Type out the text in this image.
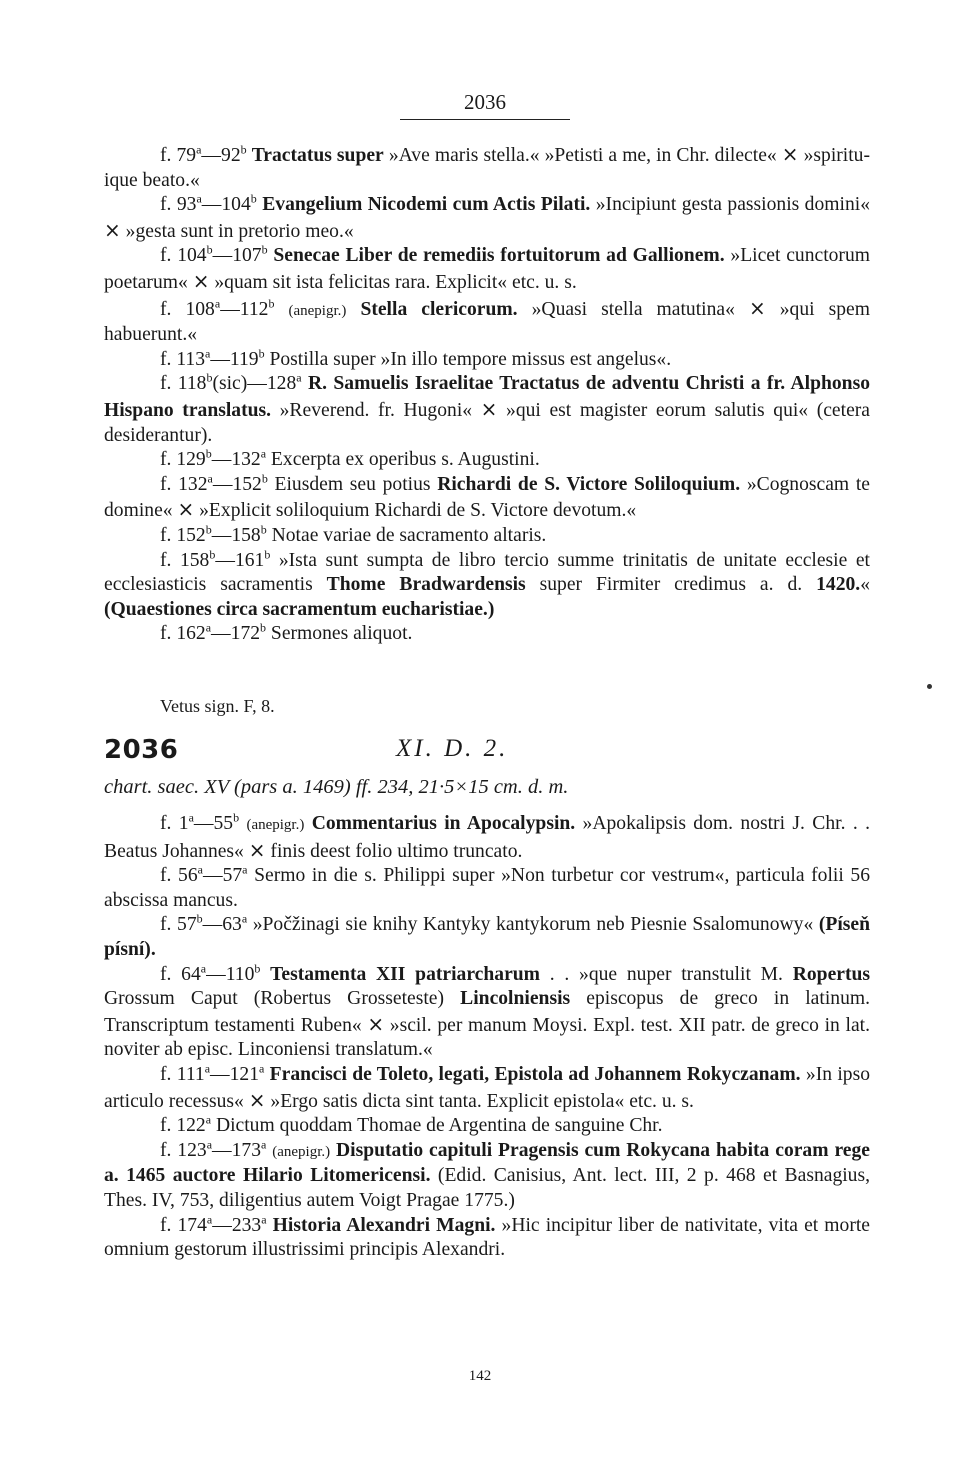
2036

f. 79$^a$—92$^b$ Tractatus super »Ave maris stella.« »Petisti a me, in Chr. dilecte« × »spirituique beato.«

f. 93$^a$—104$^b$ Evangelium Nicodemi cum Actis Pilati. »Incipiunt gesta passionis domini« × »gesta sunt in pretorio meo.«

f. 104$^b$—107$^b$ Senecae Liber de remediis fortuitorum ad Gallionem. »Licet cunctorum poetarum« × »quam sit ista felicitas rara. Explicit« etc. u. s.

f. 108$^a$—112$^b$ (anepigr.) Stella clericorum. »Quasi stella matutina« × »qui spem habuerunt.«

f. 113$^a$—119$^b$ Postilla super »In illo tempore missus est angelus«.

f. 118$^b$(sic)—128$^a$ R. Samuelis Israelitae Tractatus de adventu Christi a fr. Alphonso Hispano translatus. »Reverend. fr. Hugoni« × »qui est magister eorum salutis qui« (cetera desiderantur).

f. 129$^b$—132$^a$ Excerpta ex operibus s. Augustini.

f. 132$^a$—152$^b$ Eiusdem seu potius Richardi de S. Victore Soliloquium. »Cognoscam te domine« × »Explicit soliloquium Richardi de S. Victore devotum.«

f. 152$^b$—158$^b$ Notae variae de sacramento altaris.

f. 158$^b$—161$^b$ »Ista sunt sumpta de libro tercio summe trinitatis de unitate ecclesie et ecclesiasticis sacramentis Thome Bradwardensis super Firmiter credimus a. d. 1420.« (Quaestiones circa sacramentum eucharistiae.)

f. 162$^a$—172$^b$ Sermones aliquot.

Vetus sign. F, 8.

2036	XI. D. 2.
chart. saec. XV (pars a. 1469) ff. 234, 21·5×15 cm. d. m.

f. 1$^a$—55$^b$ (anepigr.) Commentarius in Apocalypsin. »Apokalipsis dom. nostri J. Chr. . . Beatus Johannes« × finis deest folio ultimo truncato.

f. 56$^a$—57$^a$ Sermo in die s. Philippi super »Non turbetur cor vestrum«, particula folii 56 abscissa mancus.

f. 57$^b$—63$^a$ »Počžinagi sie knihy Kantyky kantykorum neb Piesnie Ssalomunowy« (Píseň písní).

f. 64$^a$—110$^b$ Testamenta XII patriarcharum . . »que nuper transtulit M. Ropertus Grossum Caput (Robertus Grosseteste) Lincolniensis episcopus de greco in latinum. Transcriptum testamenti Ruben« × »scil. per manum Moysi. Expl. test. XII patr. de greco in lat. noviter ab episc. Linconiensi translatum.«

f. 111$^a$—121$^a$ Francisci de Toleto, legati, Epistola ad Johannem Rokyczanam. »In ipso articulo recessus« × »Ergo satis dicta sint tanta. Explicit epistola« etc. u. s.

f. 122$^a$ Dictum quoddam Thomae de Argentina de sanguine Chr.

f. 123$^a$—173$^a$ (anepigr.) Disputatio capituli Pragensis cum Rokycana habita coram rege a. 1465 auctore Hilario Litomericensi. (Edid. Canisius, Ant. lect. III, 2 p. 468 et Basnagius, Thes. IV, 753, diligentius autem Voigt Pragae 1775.)

f. 174$^a$—233$^a$ Historia Alexandri Magni. »Hic incipitur liber de nativitate, vita et morte omnium gestorum illustrissimi principis Alexandri.

142
